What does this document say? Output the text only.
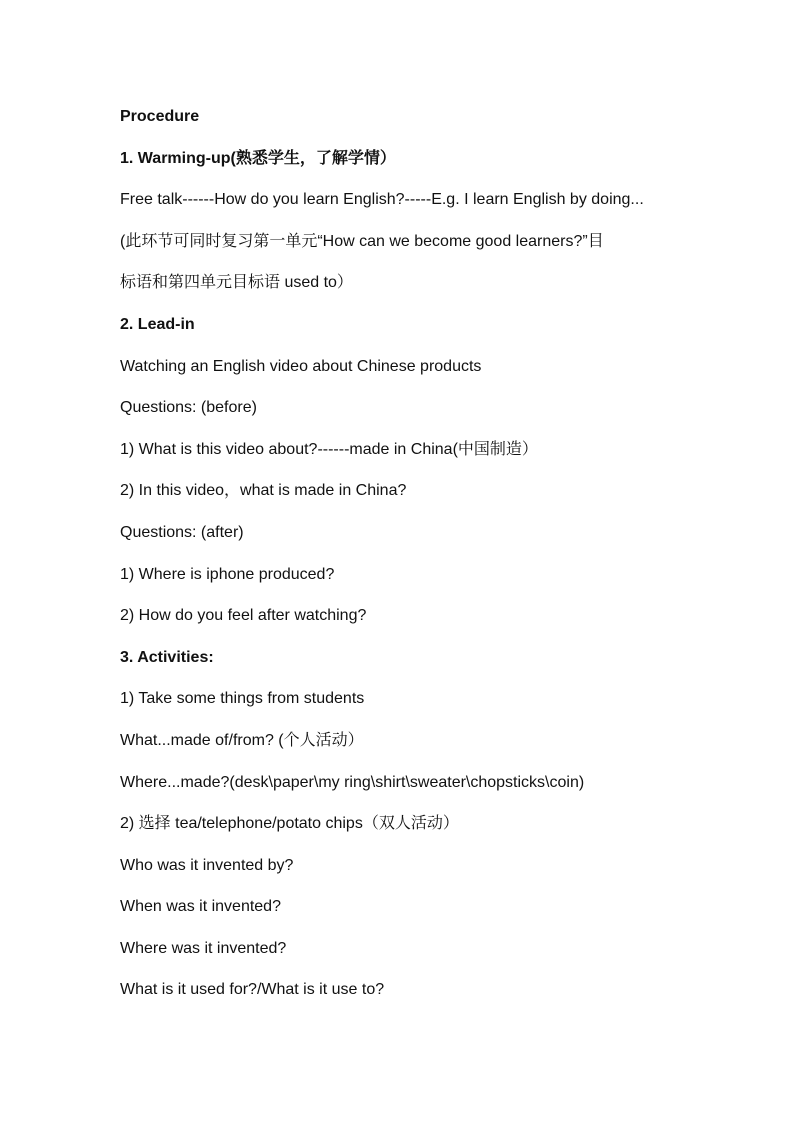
Procedure
1. Warming-up(熟悉学生，了解学情）
Free talk------How do you learn English?-----E.g. I learn English by doing...
(此环节可同时复习第一单元“How can we become good learners?”目
标语和第四单元目标语 used to）
2. Lead-in
Watching an English video about Chinese products
Questions: (before)
1) What is this video about?------made in China(中国制造）
2) In this video，what is made in China?
Questions: (after)
1) Where is iphone produced?
2) How do you feel after watching?
3. Activities:
1) Take some things from students
What...made of/from? (个人活动）
Where...made?(desk\paper\my ring\shirt\sweater\chopsticks\coin)
2) 选择 tea/telephone/potato chips（双人活动）
Who was it invented by?
When was it invented?
Where was it invented?
What is it used for?/What is it use to?
